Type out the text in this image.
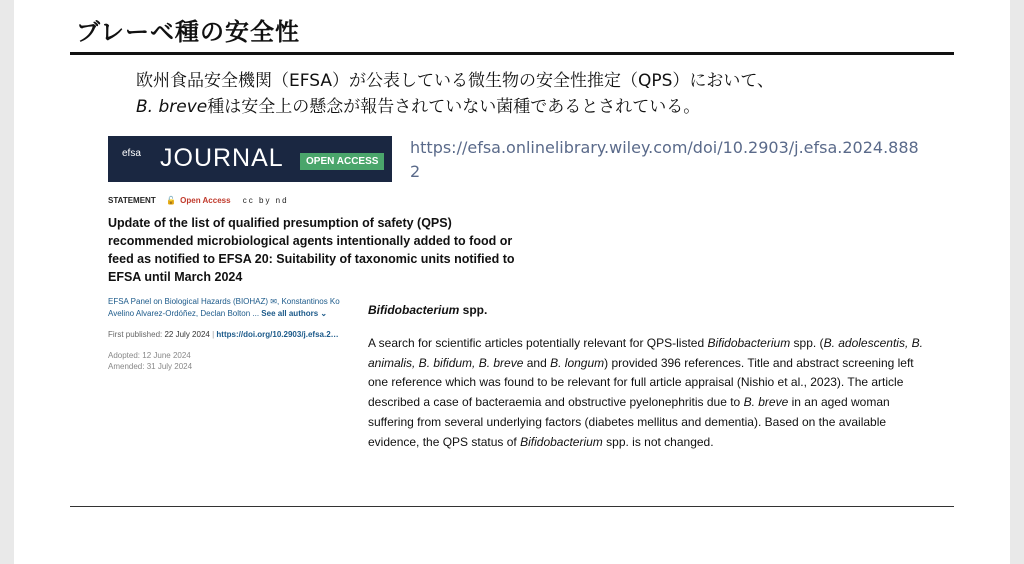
ブレーベ種の安全性
欧州食品安全機関（EFSA）が公表している微生物の安全性推定（QPS）において、
B. breve種は安全上の懸念が報告されていない菌種であるとされている。
https://efsa.onlinelibrary.wiley.com/doi/10.2903/j.efsa.2024.8882
efsa JOURNAL	OPEN ACCESS
STATEMENT 🔓 Open Access cc by nd
Update of the list of qualified presumption of safety (QPS) recommended microbiological agents intentionally added to food or feed as notified to EFSA 20: Suitability of taxonomic units notified to EFSA until March 2024
EFSA Panel on Biological Hazards (BIOHAZ) ✉, Konstantinos Ko
Avelino Alvarez-Ordóñez, Declan Bolton ... See all authors ⌄
First published: 22 July 2024 | https://doi.org/10.2903/j.efsa.2…
Adopted: 12 June 2024
Amended: 31 July 2024
Bifidobacterium spp.
A search for scientific articles potentially relevant for QPS-listed Bifidobacterium spp. (B. adolescentis, B. animalis, B. bifidum, B. breve and B. longum) provided 396 references. Title and abstract screening left one reference which was found to be relevant for full article appraisal (Nishio et al., 2023). The article described a case of bacteraemia and obstructive pyelonephritis due to B. breve in an aged woman suffering from several underlying factors (diabetes mellitus and dementia). Based on the available evidence, the QPS status of Bifidobacterium spp. is not changed.
